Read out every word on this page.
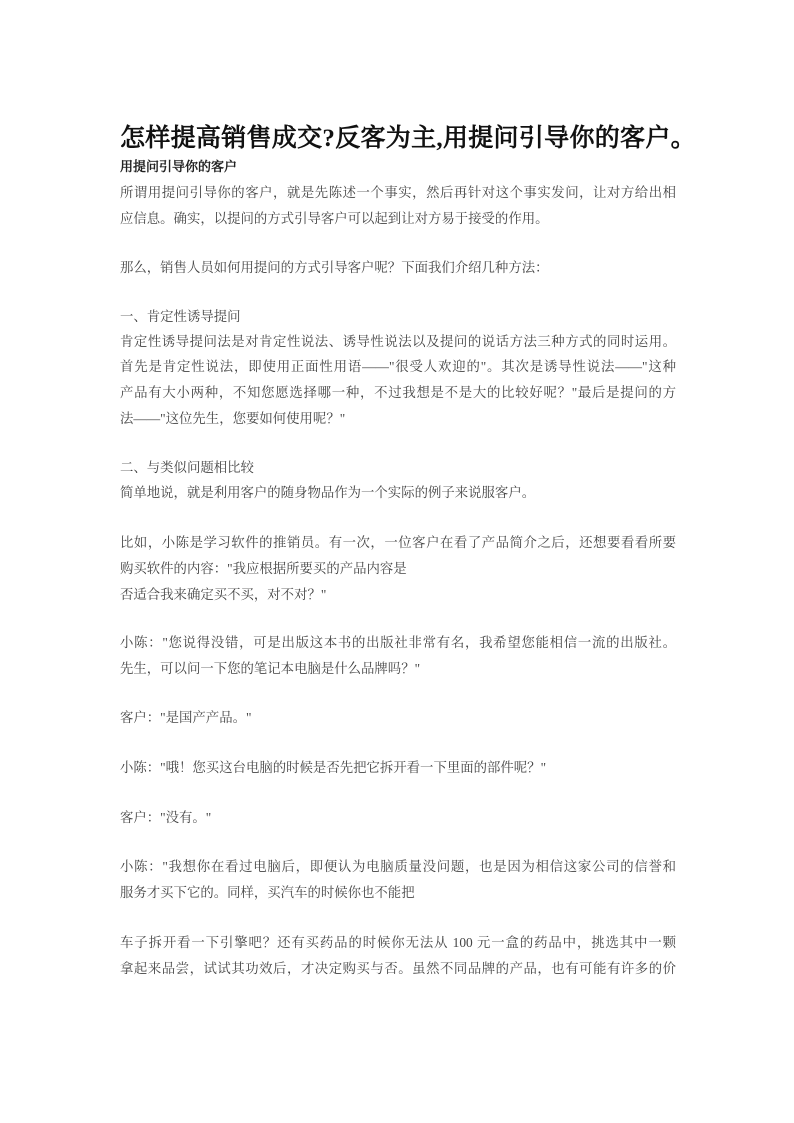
怎样提高销售成交?反客为主,用提问引导你的客户。
用提问引导你的客户
所谓用提问引导你的客户，就是先陈述一个事实，然后再针对这个事实发问，让对方给出相
应信息。确实，以提问的方式引导客户可以起到让对方易于接受的作用。
那么，销售人员如何用提问的方式引导客户呢？下面我们介绍几种方法：
一、肯定性诱导提问
肯定性诱导提问法是对肯定性说法、诱导性说法以及提问的说话方法三种方式的同时运用。
首先是肯定性说法，即使用正面性用语——"很受人欢迎的"。其次是诱导性说法——"这种
产品有大小两种，不知您愿选择哪一种，不过我想是不是大的比较好呢？"最后是提问的方
法——"这位先生，您要如何使用呢？"
二、与类似问题相比较
简单地说，就是利用客户的随身物品作为一个实际的例子来说服客户。
比如，小陈是学习软件的推销员。有一次，一位客户在看了产品简介之后，还想要看看所要
购买软件的内容："我应根据所要买的产品内容是
否适合我来确定买不买，对不对？"
小陈："您说得没错，可是出版这本书的出版社非常有名，我希望您能相信一流的出版社。
先生，可以问一下您的笔记本电脑是什么品牌吗？"
客户："是国产产品。"
小陈："哦！您买这台电脑的时候是否先把它拆开看一下里面的部件呢？"
客户："没有。"
小陈："我想你在看过电脑后，即便认为电脑质量没问题，也是因为相信这家公司的信誉和
服务才买下它的。同样，买汽车的时候你也不能把
车子拆开看一下引擎吧？还有买药品的时候你无法从 100 元一盒的药品中，挑选其中一颗
拿起来品尝，试试其功效后，才决定购买与否。虽然不同品牌的产品，也有可能有许多的价
